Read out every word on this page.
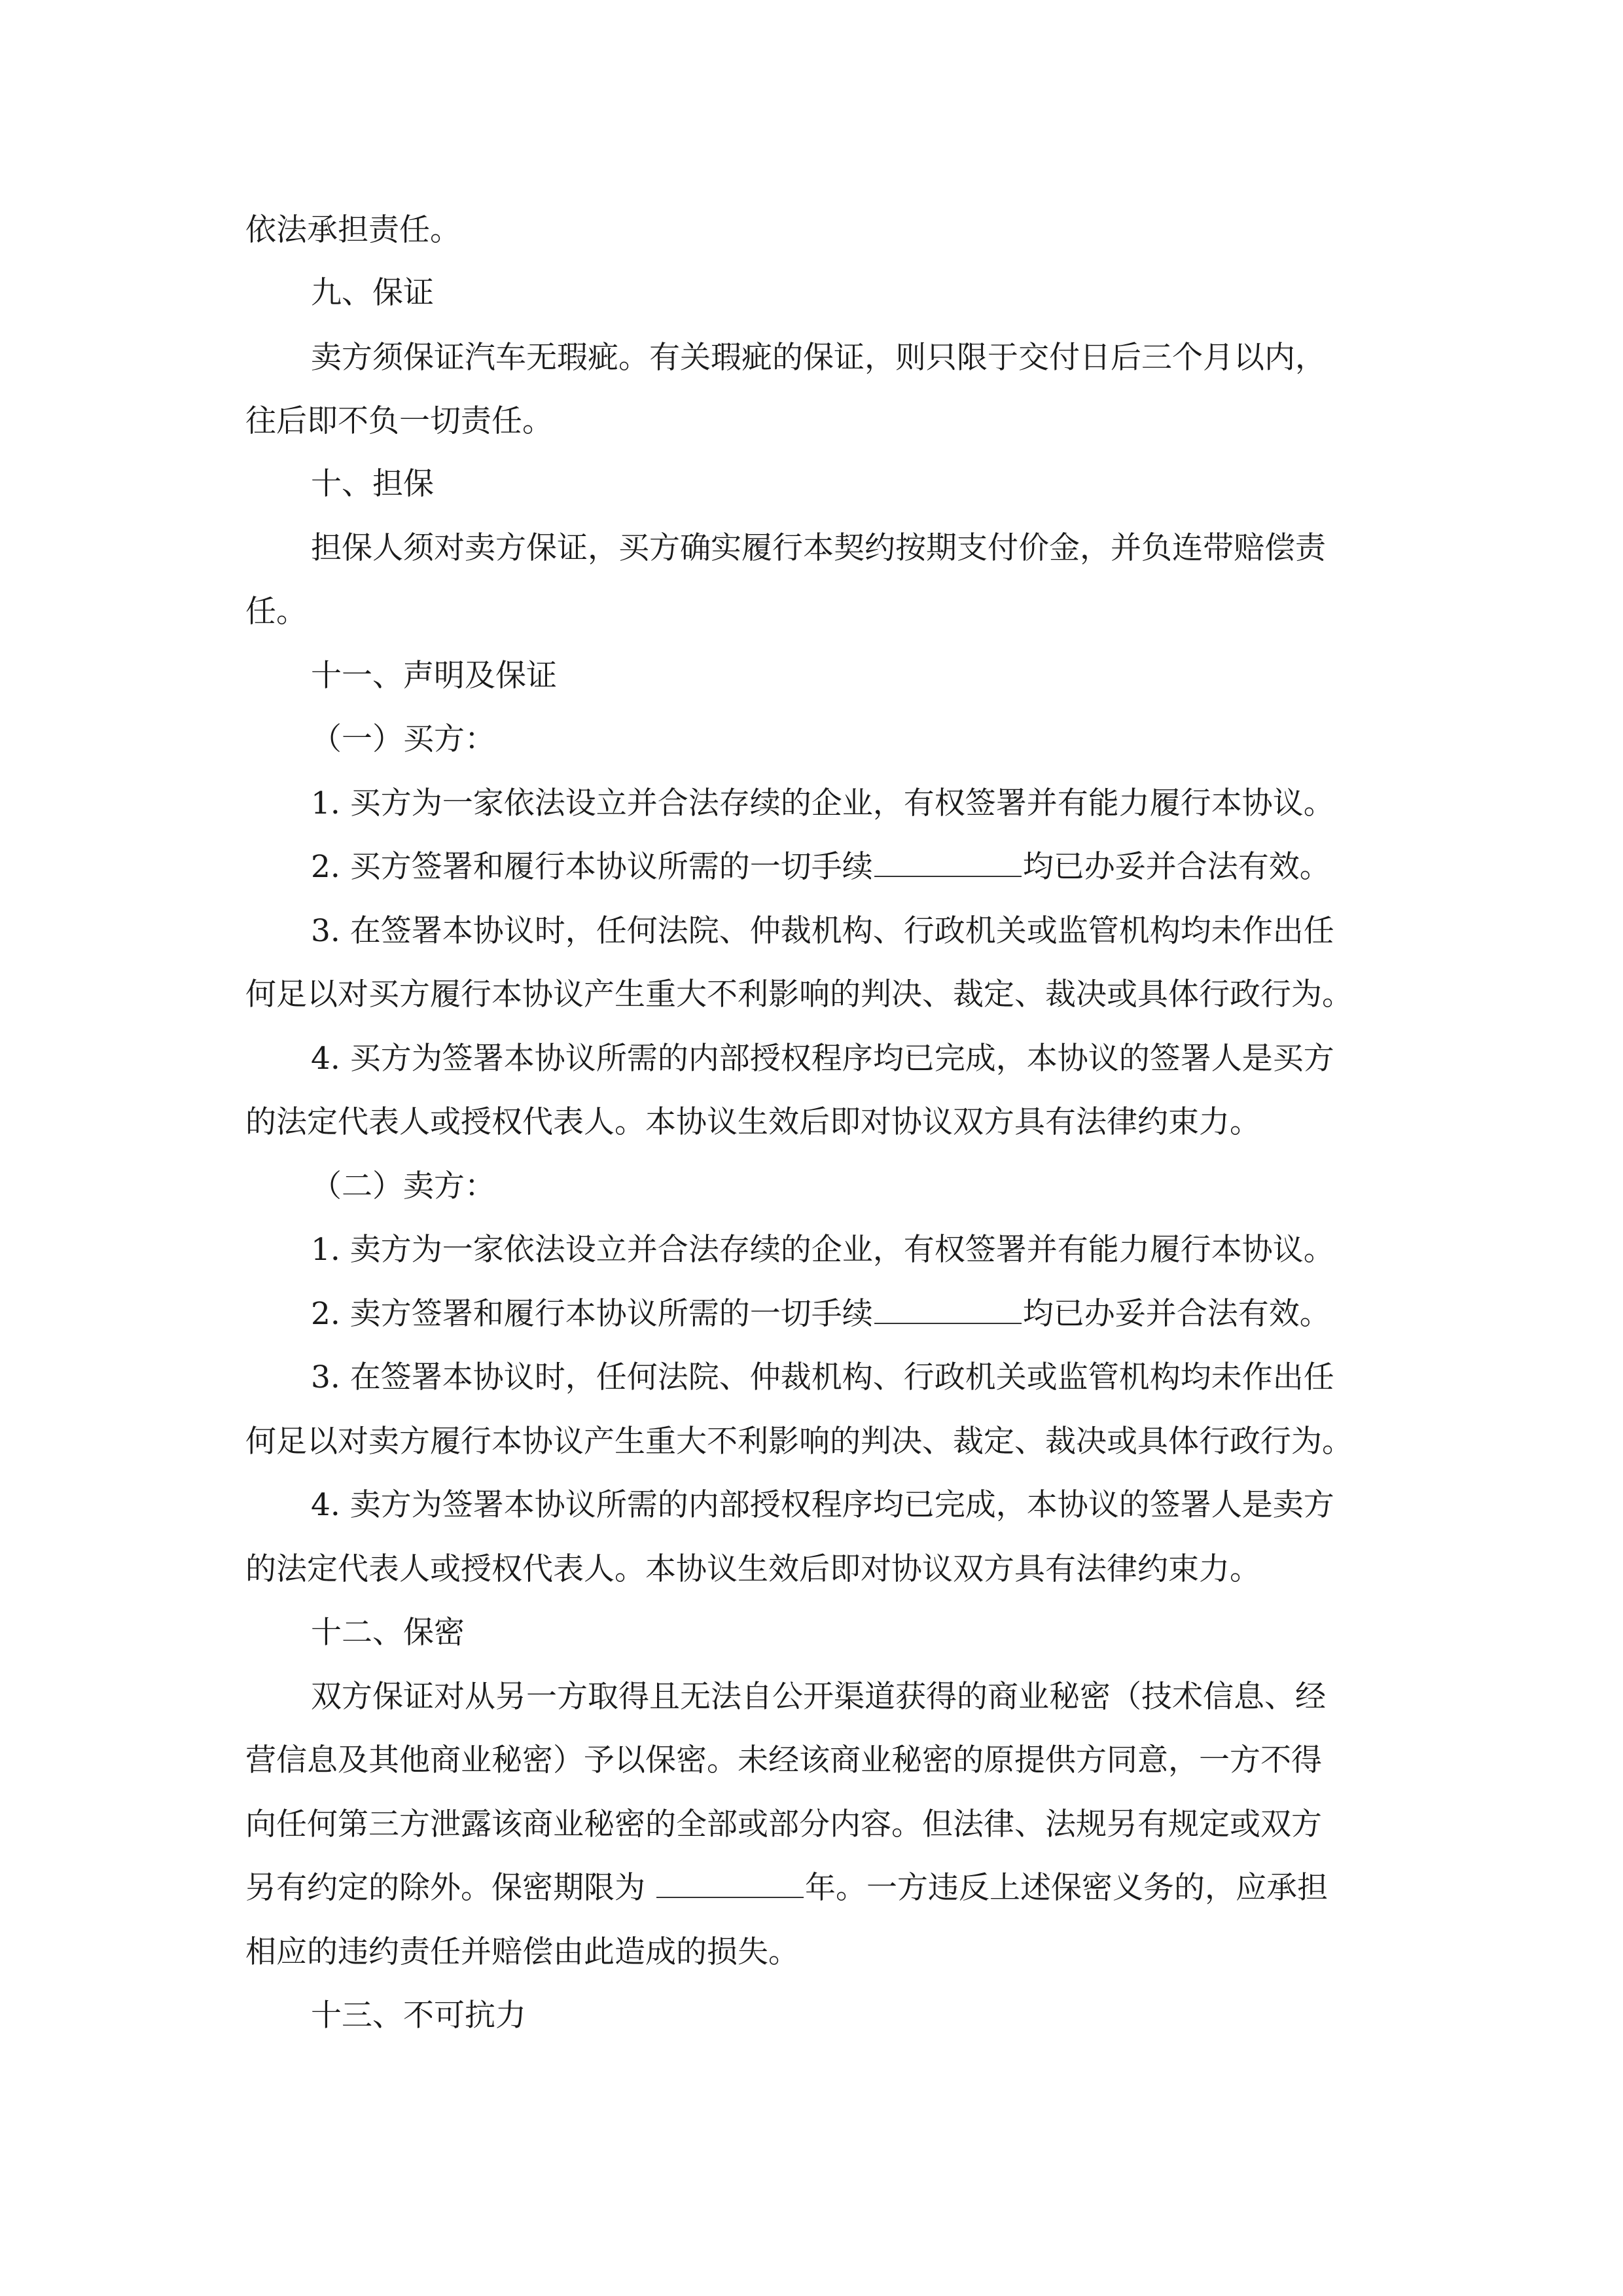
依法承担责任。
九、保证
卖方须保证汽车无瑕疵。有关瑕疵的保证，则只限于交付日后三个月以内，
往后即不负一切责任。
十、担保
担保人须对卖方保证，买方确实履行本契约按期支付价金，并负连带赔偿责
任。
十一、声明及保证
（一）买方：
1. 买方为一家依法设立并合法存续的企业，有权签署并有能力履行本协议。
2. 买方签署和履行本协议所需的一切手续	均已办妥并合法有效。
3. 在签署本协议时，任何法院、仲裁机构、行政机关或监管机构均未作出任
何足以对买方履行本协议产生重大不利影响的判决、裁定、裁决或具体行政行为。
4. 买方为签署本协议所需的内部授权程序均已完成，本协议的签署人是买方
的法定代表人或授权代表人。本协议生效后即对协议双方具有法律约束力。
（二）卖方：
1. 卖方为一家依法设立并合法存续的企业，有权签署并有能力履行本协议。
2. 卖方签署和履行本协议所需的一切手续	均已办妥并合法有效。
3. 在签署本协议时，任何法院、仲裁机构、行政机关或监管机构均未作出任
何足以对卖方履行本协议产生重大不利影响的判决、裁定、裁决或具体行政行为。
4. 卖方为签署本协议所需的内部授权程序均已完成，本协议的签署人是卖方
的法定代表人或授权代表人。本协议生效后即对协议双方具有法律约束力。
十二、保密
双方保证对从另一方取得且无法自公开渠道获得的商业秘密（技术信息、经
营信息及其他商业秘密）予以保密。未经该商业秘密的原提供方同意，一方不得
向任何第三方泄露该商业秘密的全部或部分内容。但法律、法规另有规定或双方
另有约定的除外。保密期限为	年。一方违反上述保密义务的，应承担
相应的违约责任并赔偿由此造成的损失。
十三、不可抗力
